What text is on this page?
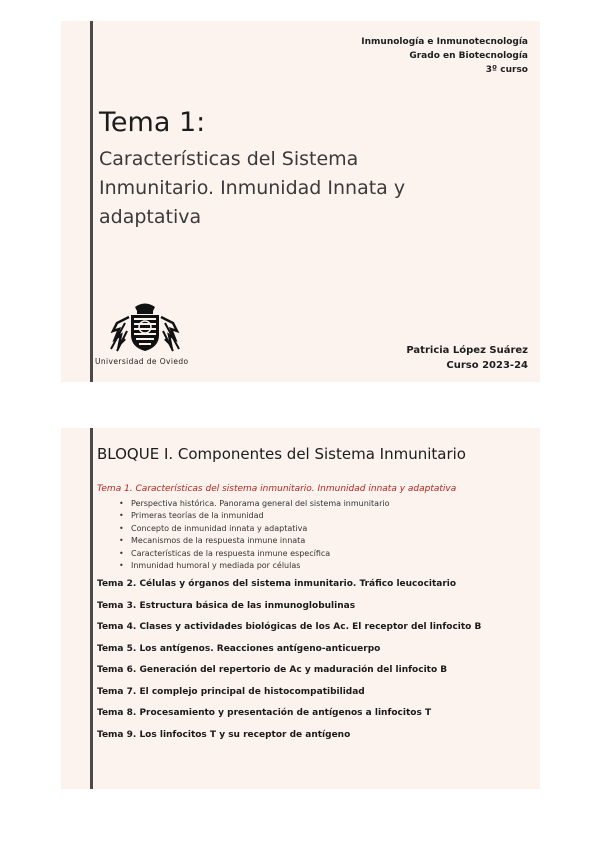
Inmunología e Inmunotecnología
Grado en Biotecnología
3º curso
Tema 1:
Características del Sistema Inmunitario. Inmunidad Innata y adaptativa
Universidad de Oviedo
Patricia López Suárez
Curso 2023-24
BLOQUE I. Componentes del Sistema Inmunitario
Tema 1. Características del sistema inmunitario. Inmunidad innata y adaptativa
• Perspectiva histórica. Panorama general del sistema inmunitario
• Primeras teorías de la inmunidad
• Concepto de inmunidad innata y adaptativa
• Mecanismos de la respuesta inmune innata
• Características de la respuesta inmune específica
• Inmunidad humoral y mediada por células
Tema 2. Células y órganos del sistema inmunitario. Tráfico leucocitario
Tema 3. Estructura básica de las inmunoglobulinas
Tema 4. Clases y actividades biológicas de los Ac. El receptor del linfocito B
Tema 5. Los antígenos. Reacciones antígeno-anticuerpo
Tema 6. Generación del repertorio de Ac y maduración del linfocito B
Tema 7. El complejo principal de histocompatibilidad
Tema 8. Procesamiento y presentación de antígenos a linfocitos T
Tema 9. Los linfocitos T y su receptor de antígeno
